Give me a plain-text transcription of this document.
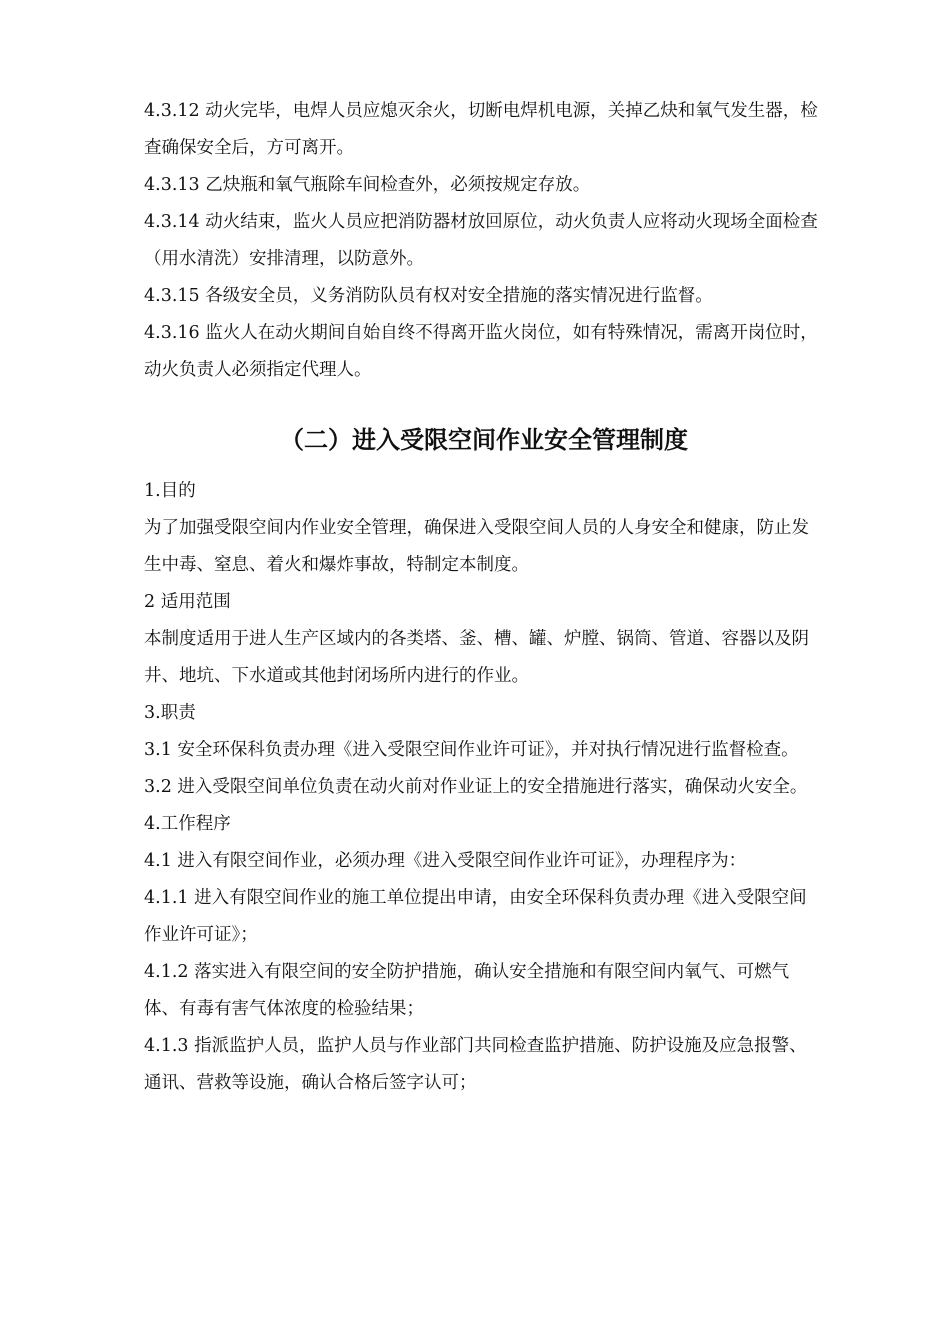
4.3.12 动火完毕，电焊人员应熄灭余火，切断电焊机电源，关掉乙炔和氧气发生器，检查确保安全后，方可离开。

4.3.13 乙炔瓶和氧气瓶除车间检查外，必须按规定存放。

4.3.14 动火结束，监火人员应把消防器材放回原位，动火负责人应将动火现场全面检查（用水清洗）安排清理，以防意外。

4.3.15 各级安全员，义务消防队员有权对安全措施的落实情况进行监督。

4.3.16 监火人在动火期间自始自终不得离开监火岗位，如有特殊情况，需离开岗位时，动火负责人必须指定代理人。

（二）进入受限空间作业安全管理制度

1.目的

为了加强受限空间内作业安全管理，确保进入受限空间人员的人身安全和健康，防止发生中毒、窒息、着火和爆炸事故，特制定本制度。

2 适用范围

本制度适用于进人生产区域内的各类塔、釜、槽、罐、炉膛、锅筒、管道、容器以及阴井、地坑、下水道或其他封闭场所内进行的作业。

3.职责

3.1 安全环保科负责办理《进入受限空间作业许可证》，并对执行情况进行监督检查。

3.2 进入受限空间单位负责在动火前对作业证上的安全措施进行落实，确保动火安全。

4.工作程序

4.1 进入有限空间作业，必须办理《进入受限空间作业许可证》，办理程序为：

4.1.1 进入有限空间作业的施工单位提出申请，由安全环保科负责办理《进入受限空间作业许可证》；

4.1.2 落实进入有限空间的安全防护措施，确认安全措施和有限空间内氧气、可燃气体、有毒有害气体浓度的检验结果；

4.1.3 指派监护人员，监护人员与作业部门共同检查监护措施、防护设施及应急报警、通讯、营救等设施，确认合格后签字认可；
